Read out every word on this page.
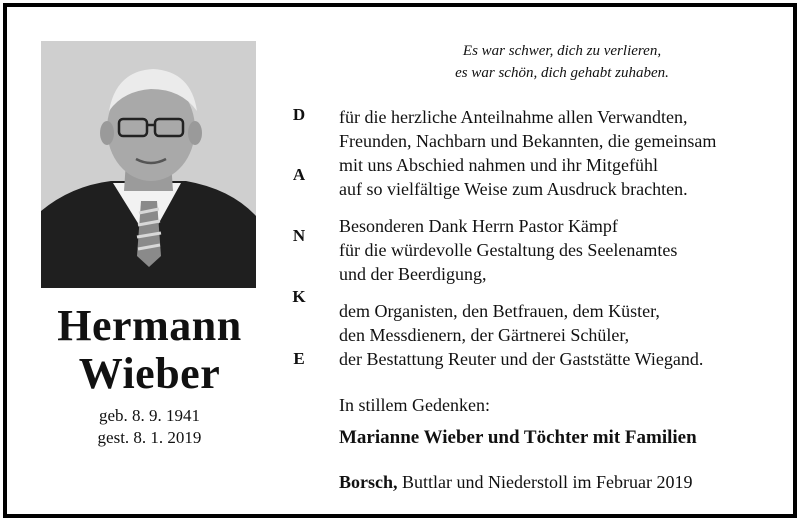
Hermann
Wieber
geb. 8. 9. 1941
gest. 8. 1. 2019
Es war schwer, dich zu verlieren,
es war schön, dich gehabt zuhaben.
D
A
N
K
E
für die herzliche Anteilnahme allen Verwandten,
Freunden, Nachbarn und Bekannten, die gemeinsam
mit uns Abschied nahmen und ihr Mitgefühl
auf so vielfältige Weise zum Ausdruck brachten.
Besonderen Dank Herrn Pastor Kämpf
für die würdevolle Gestaltung des Seelenamtes
und der Beerdigung,
dem Organisten, den Betfrauen, dem Küster,
den Messdienern, der Gärtnerei Schüler,
der Bestattung Reuter und der Gaststätte Wiegand.
In stillem Gedenken:
Marianne Wieber und Töchter mit Familien
Borsch, Buttlar und Niederstoll im Februar 2019
